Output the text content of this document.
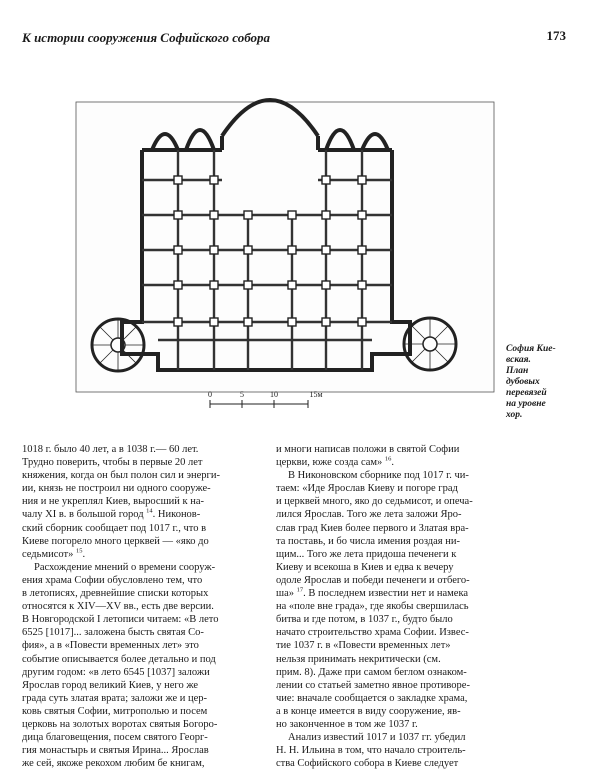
К истории сооружения Софийского собора	173
0	5	10	15м
София Кие-
вская.
План
дубовых
перевязей
на уровне
хор.

1018 г. было 40 лет, а в 1038 г.— 60 лет.
Трудно поверить, чтобы в первые 20 лет
княжения, когда он был полон сил и энерги-
ии, князь не построил ни одного сооруже-
ния и не укреплял Киев, выросший к на-
чалу XI в. в большой город $^{14}$. Никонов-
ский сборник сообщает под 1017 г., что в
Киеве погорело много церквей — «яко до
седьмисот» $^{15}$.

Расхождение мнений о времени сооруж-
ения храма Софии обусловлено тем, что
в летописях, древнейшие списки которых
относятся к XIV—XV вв., есть две версии.
В Новгородской I летописи читаем: «В лето
6525 [1017]... заложена бысть святая Со-
фия», а в «Повести временных лет» это
событие описывается более детально и под
другим годом: «в лето 6545 [1037] заложи
Ярослав город великий Киев, у него же
града суть златая врата; заложи же и цер-
ковь святыя Софии, митрополью и посем
церковь на золотых воротах святыя Богоро-
дица благовещения, посем святого Георг-
гия монастырь и святыя Ирина... Ярослав
же сей, якоже рекохом любим бе книгам,

и многи написав положи в святой Софии
церкви, юже созда сам» $^{16}$.

В Никоновском сборнике под 1017 г. чи-
таем: «Иде Ярослав Киеву и погоре град
и церквей много, яко до седьмисот, и опеча-
лился Ярослав. Того же лета заложи Яро-
слав град Киев более первого и Златая вра-
та поставь, и бо числа имения роздая ни-
щим... Того же лета придоша печенеги к
Киеву и всекоша в Киев и едва к вечеру
одоле Ярослав и победи печенеги и отбего-
ша» $^{17}$. В последнем известии нет и намека
на «поле вне града», где якобы свершилась
битва и где потом, в 1037 г., будто было
начато строительство храма Софии. Извес-
тие 1037 г. в «Повести временных лет»
нельзя принимать некритически (см.
прим. 8). Даже при самом беглом ознаком-
лении со статьей заметно явное противоре-
чие: вначале сообщается о закладке храма,
а в конце имеется в виду сооружение, яв-
но законченное в том же 1037 г.

Анализ известий 1017 и 1037 гг. убедил
Н. Н. Ильина в том, что начало строитель-
ства Софийского собора в Киеве следует
